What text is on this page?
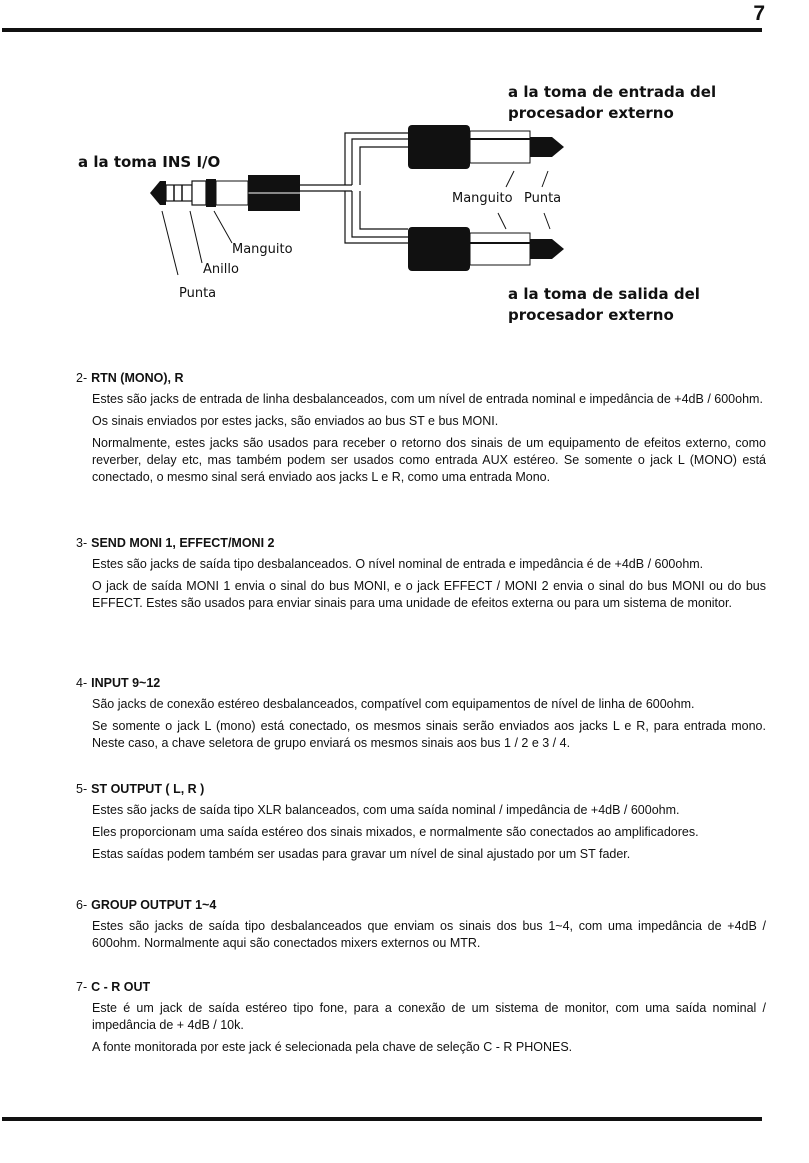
7
a la toma INS I/O
a la toma de entrada del
procesador externo
a la toma de salida del
procesador externo
Manguito
Anillo
Punta
Manguito Punta
2- RTN (MONO), R

Estes são jacks de entrada de linha desbalanceados, com um nível de entrada nominal e impedância de +4dB / 600ohm.

Os sinais enviados por estes jacks, são enviados ao bus ST e bus MONI.

Normalmente, estes jacks são usados para receber o retorno dos sinais de um equipamento de efeitos externo, como reverber, delay etc, mas também podem ser usados como entrada AUX estéreo. Se somente o jack L (MONO) está conectado, o mesmo sinal será enviado aos jacks L e R, como uma entrada Mono.

3- SEND MONI 1, EFFECT/MONI 2

Estes são jacks de saída tipo desbalanceados. O nível nominal de entrada e impedância é de +4dB / 600ohm.

O jack de saída MONI 1 envia o sinal do bus MONI, e o jack EFFECT / MONI 2 envia o sinal do bus MONI ou do bus EFFECT. Estes são usados para enviar sinais para uma unidade de efeitos externa ou para um sistema de monitor.

4- INPUT 9~12

São jacks de conexão estéreo desbalanceados, compatível com equipamentos de nível de linha de 600ohm.

Se somente o jack L (mono) está conectado, os mesmos sinais serão enviados aos jacks L e R, para entrada mono. Neste caso, a chave seletora de grupo enviará os mesmos sinais aos bus 1 / 2 e 3 / 4.

5- ST OUTPUT ( L, R )

Estes são jacks de saída tipo XLR balanceados, com uma saída nominal / impedância de +4dB / 600ohm.

Eles proporcionam uma saída estéreo dos sinais mixados, e normalmente são conectados ao amplificadores.

Estas saídas podem também ser usadas para gravar um nível de sinal ajustado por um ST fader.

6- GROUP OUTPUT 1~4

Estes são jacks de saída tipo desbalanceados que enviam os sinais dos bus 1~4, com uma impedância de +4dB / 600ohm. Normalmente aqui são conectados mixers externos ou MTR.

7- C - R OUT

Este é um jack de saída estéreo tipo fone, para a conexão de um sistema de monitor, com uma saída nominal / impedância de + 4dB / 10k.

A fonte monitorada por este jack é selecionada pela chave de seleção C - R PHONES.
